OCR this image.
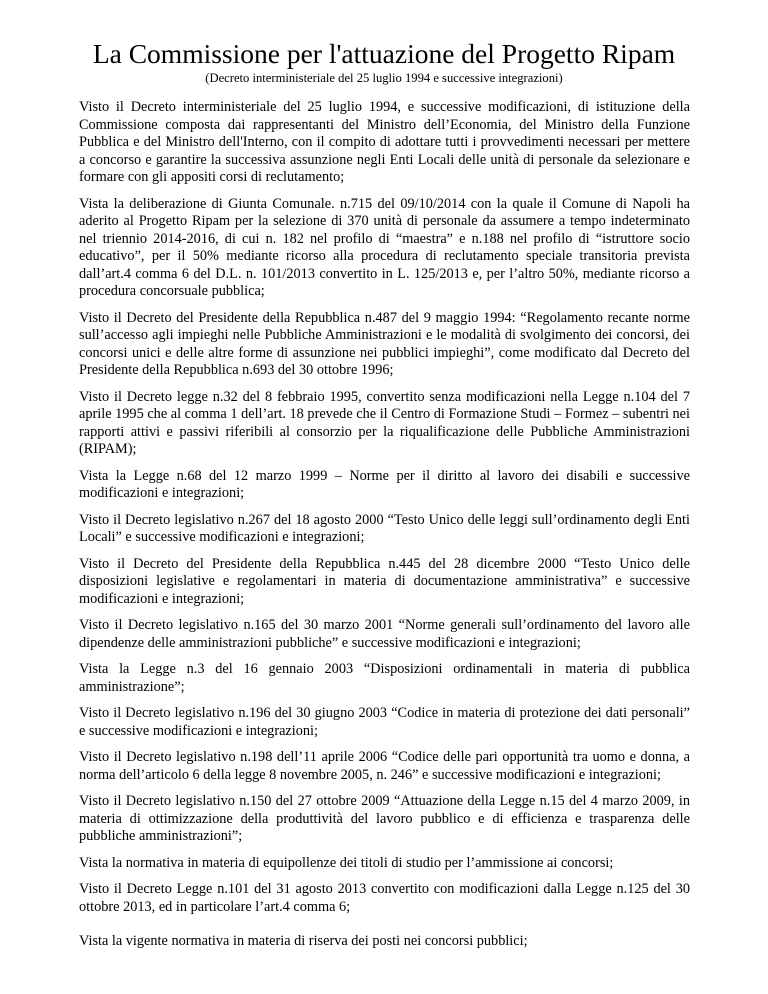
La Commissione per l'attuazione del Progetto Ripam
(Decreto interministeriale del 25 luglio 1994 e successive integrazioni)

Visto il Decreto interministeriale del 25 luglio 1994, e successive modificazioni, di istituzione della Commissione composta dai rappresentanti del Ministro dell’Economia, del Ministro della Funzione Pubblica e del Ministro dell'Interno, con il compito di adottare tutti i provvedimenti necessari per mettere a concorso e garantire la successiva assunzione negli Enti Locali delle unità di personale da selezionare e formare con gli appositi corsi di reclutamento;

Vista la deliberazione di Giunta Comunale. n.715 del 09/10/2014 con la quale il Comune di Napoli ha aderito al Progetto Ripam per la selezione di 370 unità di personale da assumere a tempo indeterminato nel triennio 2014-2016, di cui n. 182 nel profilo di “maestra” e n.188 nel profilo di “istruttore socio educativo”, per il 50% mediante ricorso alla procedura di reclutamento speciale transitoria prevista dall’art.4 comma 6 del D.L. n. 101/2013 convertito in L. 125/2013 e, per l’altro 50%, mediante ricorso a procedura concorsuale pubblica;

Visto il Decreto del Presidente della Repubblica n.487 del 9 maggio 1994: “Regolamento recante norme sull’accesso agli impieghi nelle Pubbliche Amministrazioni e le modalità di svolgimento dei concorsi, dei concorsi unici e delle altre forme di assunzione nei pubblici impieghi”, come modificato dal Decreto del Presidente della Repubblica n.693 del 30 ottobre 1996;

Visto il Decreto legge n.32 del 8 febbraio 1995, convertito senza modificazioni nella Legge n.104 del 7 aprile 1995 che al comma 1 dell’art. 18 prevede che il Centro di Formazione Studi – Formez – subentri nei rapporti attivi e passivi riferibili al consorzio per la riqualificazione delle Pubbliche Amministrazioni (RIPAM);

Vista la Legge n.68 del 12 marzo 1999 – Norme per il diritto al lavoro dei disabili e successive modificazioni e integrazioni;

Visto il Decreto legislativo n.267 del 18 agosto 2000 “Testo Unico delle leggi sull’ordinamento degli Enti Locali” e successive modificazioni e integrazioni;

Visto il Decreto del Presidente della Repubblica n.445 del 28 dicembre 2000 “Testo Unico delle disposizioni legislative e regolamentari in materia di documentazione amministrativa” e successive modificazioni e integrazioni;

Visto il Decreto legislativo n.165 del 30 marzo 2001 “Norme generali sull’ordinamento del lavoro alle dipendenze delle amministrazioni pubbliche” e successive modificazioni e integrazioni;

Vista la Legge n.3 del 16 gennaio 2003 “Disposizioni ordinamentali in materia di pubblica amministrazione”;

Visto il Decreto legislativo n.196 del 30 giugno 2003 “Codice in materia di protezione dei dati personali” e successive modificazioni e integrazioni;

Visto il Decreto legislativo n.198 dell’11 aprile 2006 “Codice delle pari opportunità tra uomo e donna, a norma dell’articolo 6 della legge 8 novembre 2005, n. 246” e successive modificazioni e integrazioni;

Visto il Decreto legislativo n.150 del 27 ottobre 2009 “Attuazione della Legge n.15 del 4 marzo 2009, in materia di ottimizzazione della produttività del lavoro pubblico e di efficienza e trasparenza delle pubbliche amministrazioni”;

Vista la normativa in materia di equipollenze dei titoli di studio per l’ammissione ai concorsi;

Visto il Decreto Legge n.101 del 31 agosto 2013 convertito con modificazioni dalla Legge n.125 del 30 ottobre 2013, ed in particolare l’art.4 comma 6;

Vista la vigente normativa in materia di riserva dei posti nei concorsi pubblici;
